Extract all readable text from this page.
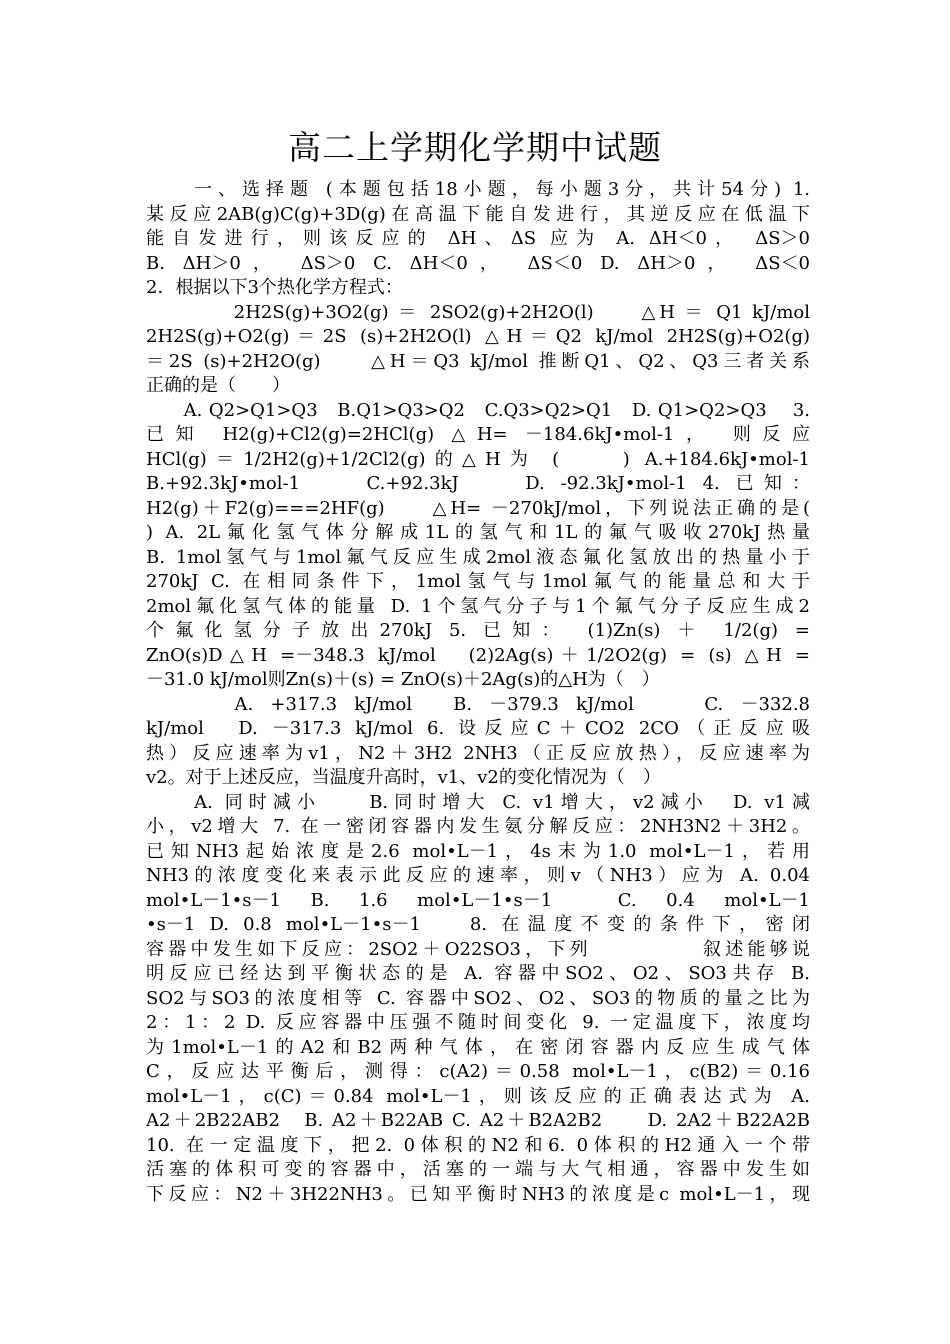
高二上学期化学期中试题
　　一、选择题 (本题包括18小题，每小题3分，共计54分) 1.
某反应2AB(g)C(g)+3D(g)在高温下能自发进行，其逆反应在低温下
能自发进行，则该反应的 ΔH、ΔS 应为 A. ΔH＜0， ΔS＞0
B. ΔH＞0， ΔS＞0 C. ΔH＜0， ΔS＜0 D. ΔH＞0， ΔS＜0
2．根据以下3个热化学方程式：
　　　　2H2S(g)+3O2(g) ＝ 2SO2(g)+2H2O(l)　　△H ＝ Q1 kJ/mol
2H2S(g)+O2(g)＝2S (s)+2H2O(l) △H＝Q2 kJ/mol 2H2S(g)+O2(g)
＝2S (s)+2H2O(g)　　△H＝Q3 kJ/mol 推断Q1、Q2、Q3三者关系
正确的是（　　）
　　A. Q2>Q1>Q3　B.Q1>Q3>Q2　C.Q3>Q2>Q1　D. Q1>Q2>Q3　 3.
已知 H2(g)+Cl2(g)=2HCl(g) △H= －184.6kJ•mol-1， 则反应
HCl(g)＝1/2H2(g)+1/2Cl2(g)的△H为 (　　) A.+184.6kJ•mol-1
B.+92.3kJ•mol-1　　C.+92.3kJ　　D. -92.3kJ•mol-1 4. 已知：
H2(g)＋F2(g)===2HF(g)　　△H= －270kJ/mol，下列说法正确的是(
) A. 2L氟化氢气体分解成1L的氢气和1L的氟气吸收270kJ热量
B. 1mol氢气与1mol氟气反应生成2mol液态氟化氢放出的热量小于
270kJ C. 在相同条件下，1mol氢气与1mol氟气的能量总和大于
2mol氟化氢气体的能量 D. 1个氢气分子与1个氟气分子反应生成2
个氟化氢分子放出270kJ 5. 已知： (1)Zn(s) ＋ 1/2(g) =
ZnO(s)D△H =－348.3 kJ/mol　(2)2Ag(s)＋1/2O2(g) = (s) △H =
－31.0 kJ/mol则Zn(s)＋(s) = ZnO(s)＋2Ag(s)的△H为（　）
　　　A. +317.3 kJ/mol　B. －379.3 kJ/mol　　C. －332.8
kJ/mol　D. －317.3 kJ/mol 6. 设反应C＋CO2 2CO（正反应吸
热）反应速率为v1，N2＋3H2 2NH3（正反应放热），反应速率为
v2。对于上述反应，当温度升高时，v1、v2的变化情况为（　）
　　A. 同时减小　　B.同时增大 C. v1增大，v2减小　D. v1减
小，v2增大 7. 在一密闭容器内发生氨分解反应：2NH3N2＋3H2。
已知NH3起始浓度是2.6 mol•L－1，4s末为1.0 mol•L－1，若用
NH3的浓度变化来表示此反应的速率，则v（NH3）应为 A. 0.04
mol•L－1•s－1 B. 1.6 mol•L－1•s－1　C. 0.4 mol•L－1
•s－1 D. 0.8 mol•L－1•s－1　 8. 在温度不变的条件下，密闭
容器中发生如下反应：2SO2＋O22SO3，下列　　　　　叙述能够说
明反应已经达到平衡状态的是 A. 容器中SO2、O2、SO3共存 B.
SO2与SO3的浓度相等 C. 容器中SO2、O2、SO3的物质的量之比为
2：1：2 D. 反应容器中压强不随时间变化 9. 一定温度下，浓度均
为1mol•L－1的A2和B2两种气体，在密闭容器内反应生成气体
C，反应达平衡后，测得：c(A2)＝0.58 mol•L－1，c(B2)＝0.16
mol•L－1，c(C)＝0.84 mol•L－1，则该反应的正确表达式为 A.
A2＋2B22AB2　B. A2＋B22AB C. A2＋B2A2B2　　D. 2A2＋B22A2B
10. 在一定温度下，把2. 0体积的N2和6. 0体积的H2通入一个带
活塞的体积可变的容器中，活塞的一端与大气相通，容器中发生如
下反应：N2＋3H22NH3。已知平衡时NH3的浓度是c mol•L－1，现
